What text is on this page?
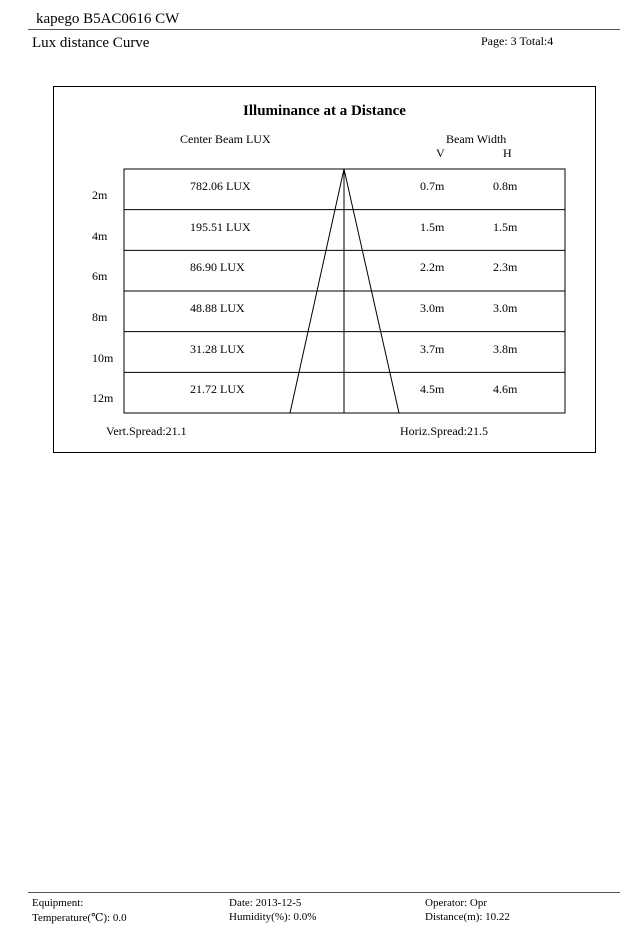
kapego B5AC0616 CW
Lux distance Curve	Page: 3 Total:4
Illuminance at a Distance
Center Beam LUX	Beam Width
V	H
2m
782.06 LUX	0.7m	0.8m
4m
195.51 LUX	1.5m	1.5m
6m
86.90 LUX	2.2m	2.3m
8m
48.88 LUX	3.0m	3.0m
10m
31.28 LUX	3.7m	3.8m
12m
21.72 LUX	4.5m	4.6m
Vert.Spread:21.1	Horiz.Spread:21.5
Equipment:	Date: 2013-12-5	Operator: Opr
Temperature(℃): 0.0	Humidity(%): 0.0%	Distance(m): 10.22
